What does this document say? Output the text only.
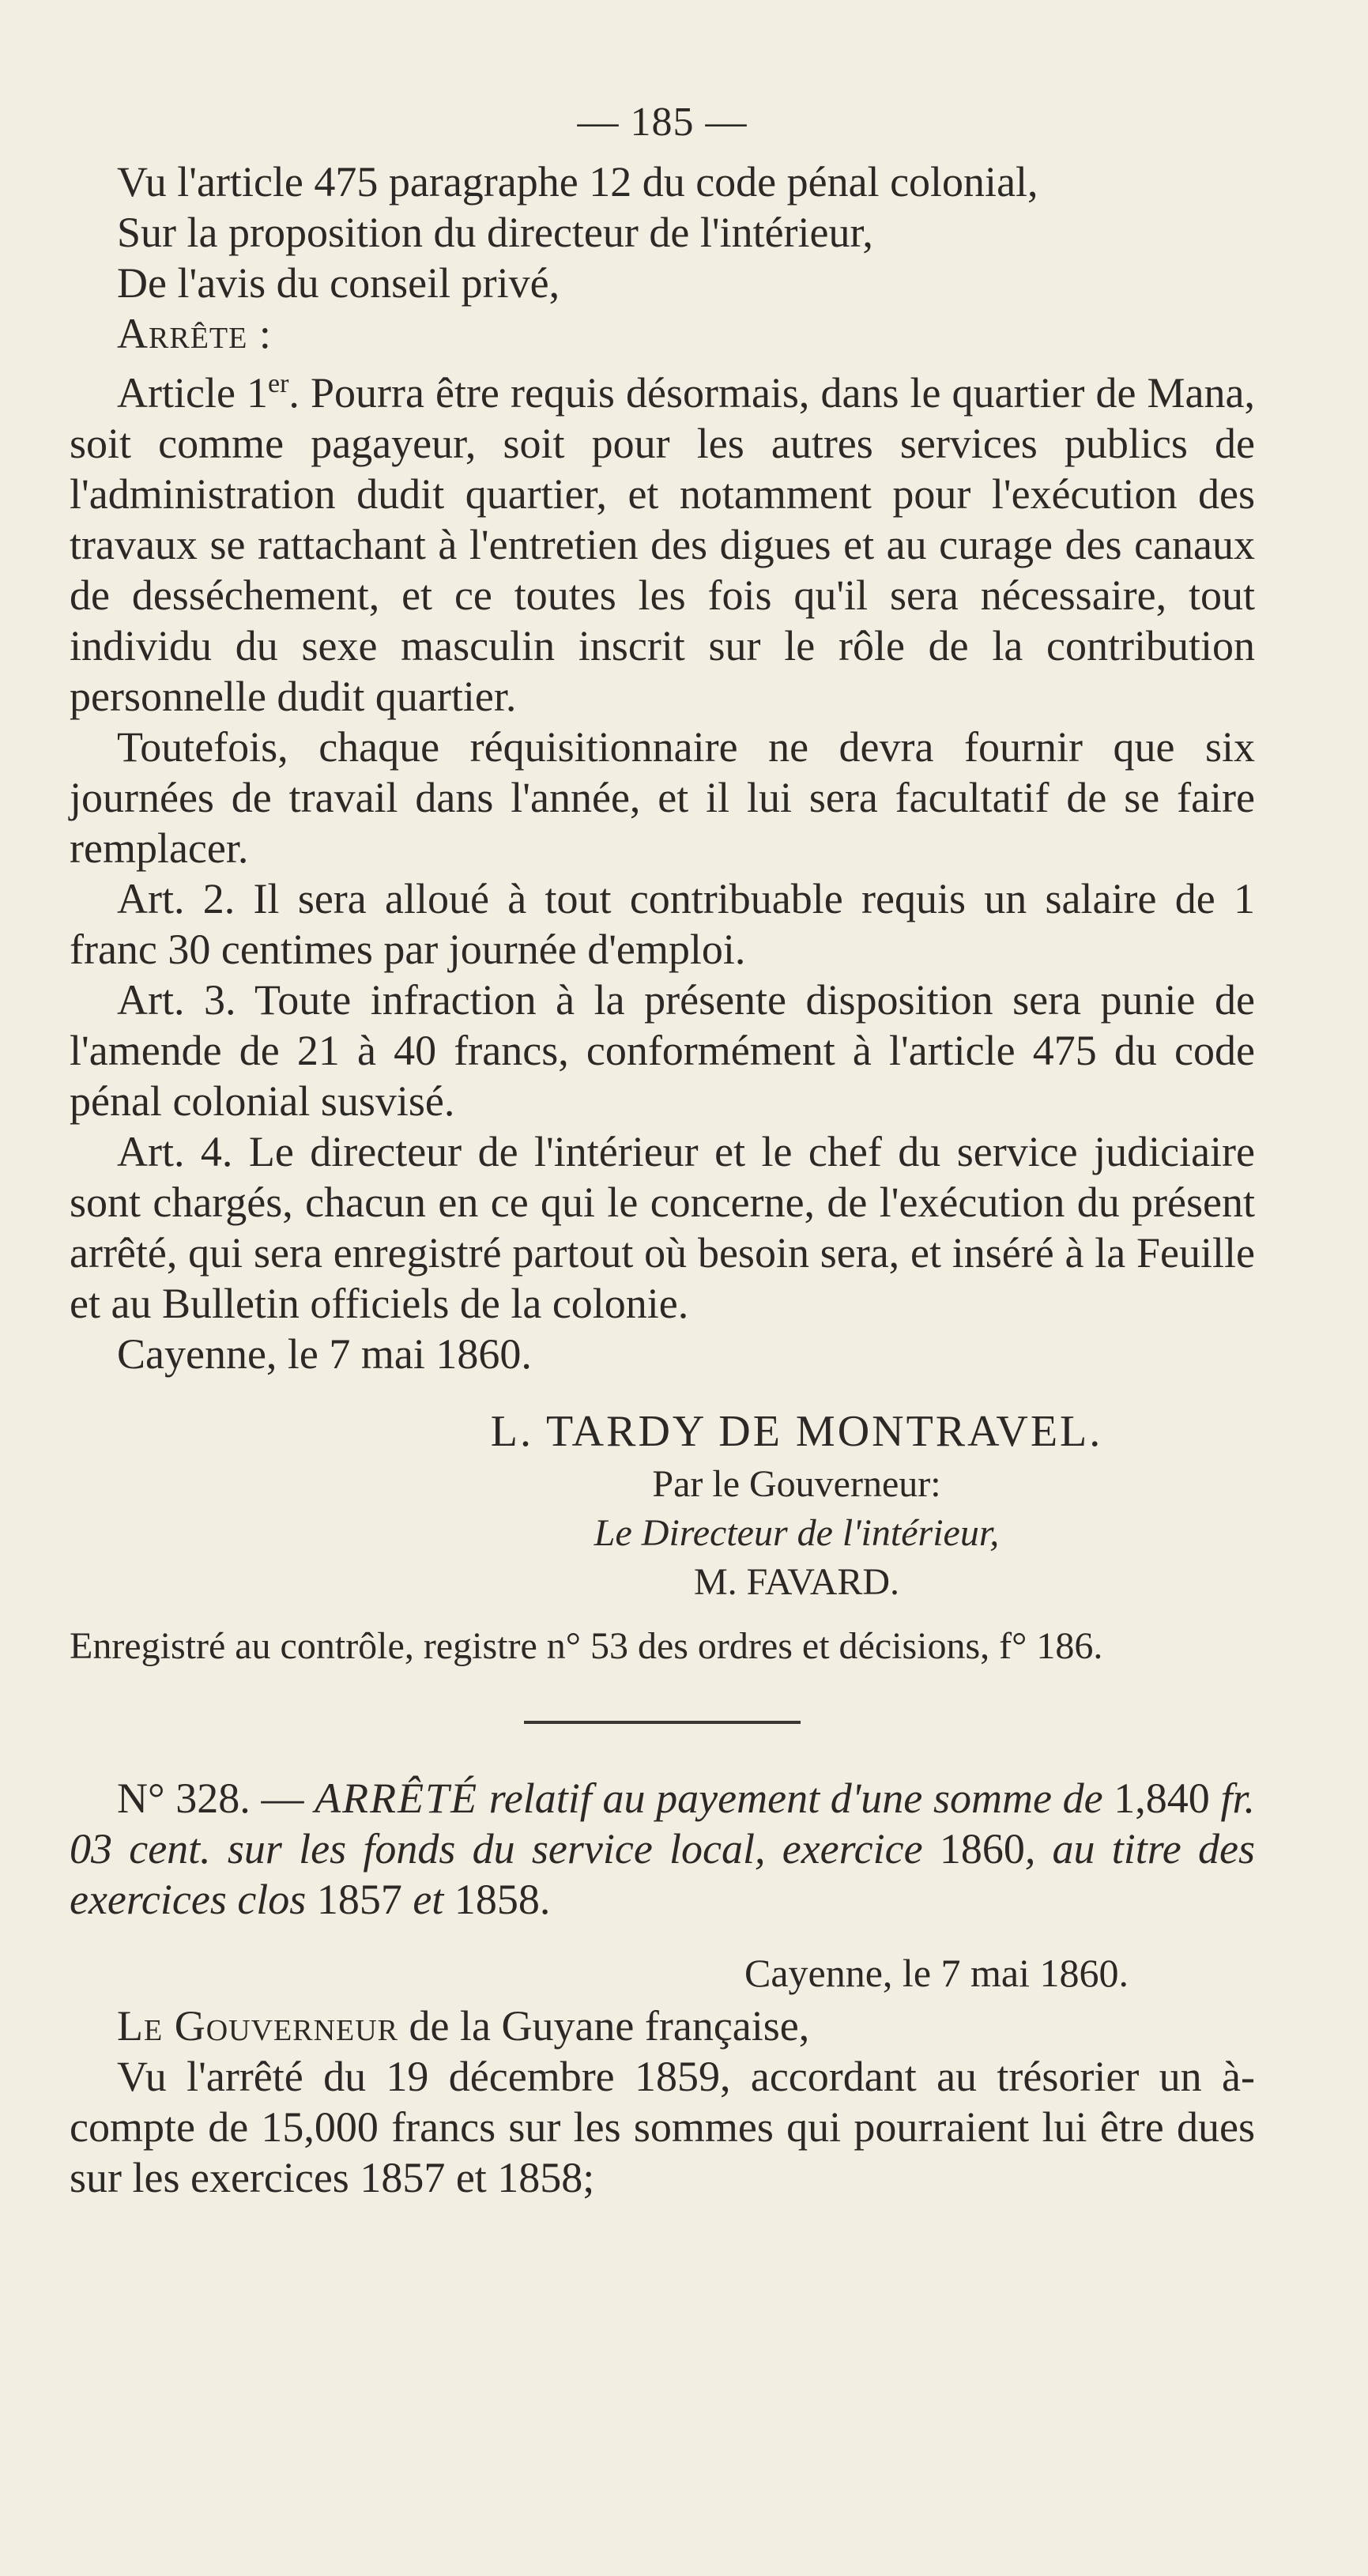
— 185 —

Vu l'article 475 paragraphe 12 du code pénal colonial,

Sur la proposition du directeur de l'intérieur,

De l'avis du conseil privé,

Arrête :

Article 1er. Pourra être requis désormais, dans le quartier de Mana, soit comme pagayeur, soit pour les autres services publics de l'administration dudit quartier, et notamment pour l'exécution des travaux se rattachant à l'entretien des digues et au curage des canaux de desséchement, et ce toutes les fois qu'il sera nécessaire, tout individu du sexe masculin inscrit sur le rôle de la contribution personnelle dudit quartier.

Toutefois, chaque réquisitionnaire ne devra fournir que six journées de travail dans l'année, et il lui sera facultatif de se faire remplacer.

Art. 2. Il sera alloué à tout contribuable requis un salaire de 1 franc 30 centimes par journée d'emploi.

Art. 3. Toute infraction à la présente disposition sera punie de l'amende de 21 à 40 francs, conformément à l'article 475 du code pénal colonial susvisé.

Art. 4. Le directeur de l'intérieur et le chef du service judiciaire sont chargés, chacun en ce qui le concerne, de l'exécution du présent arrêté, qui sera enregistré partout où besoin sera, et inséré à la Feuille et au Bulletin officiels de la colonie.

Cayenne, le 7 mai 1860.

L. TARDY DE MONTRAVEL.
Par le Gouverneur:
Le Directeur de l'intérieur,
M. FAVARD.
Enregistré au contrôle, registre n° 53 des ordres et décisions, f° 186.

N° 328. — ARRÊTÉ relatif au payement d'une somme de 1,840 fr. 03 cent. sur les fonds du service local, exercice 1860, au titre des exercices clos 1857 et 1858.

Cayenne, le 7 mai 1860.

Le Gouverneur de la Guyane française,

Vu l'arrêté du 19 décembre 1859, accordant au trésorier un à-compte de 15,000 francs sur les sommes qui pourraient lui être dues sur les exercices 1857 et 1858;
